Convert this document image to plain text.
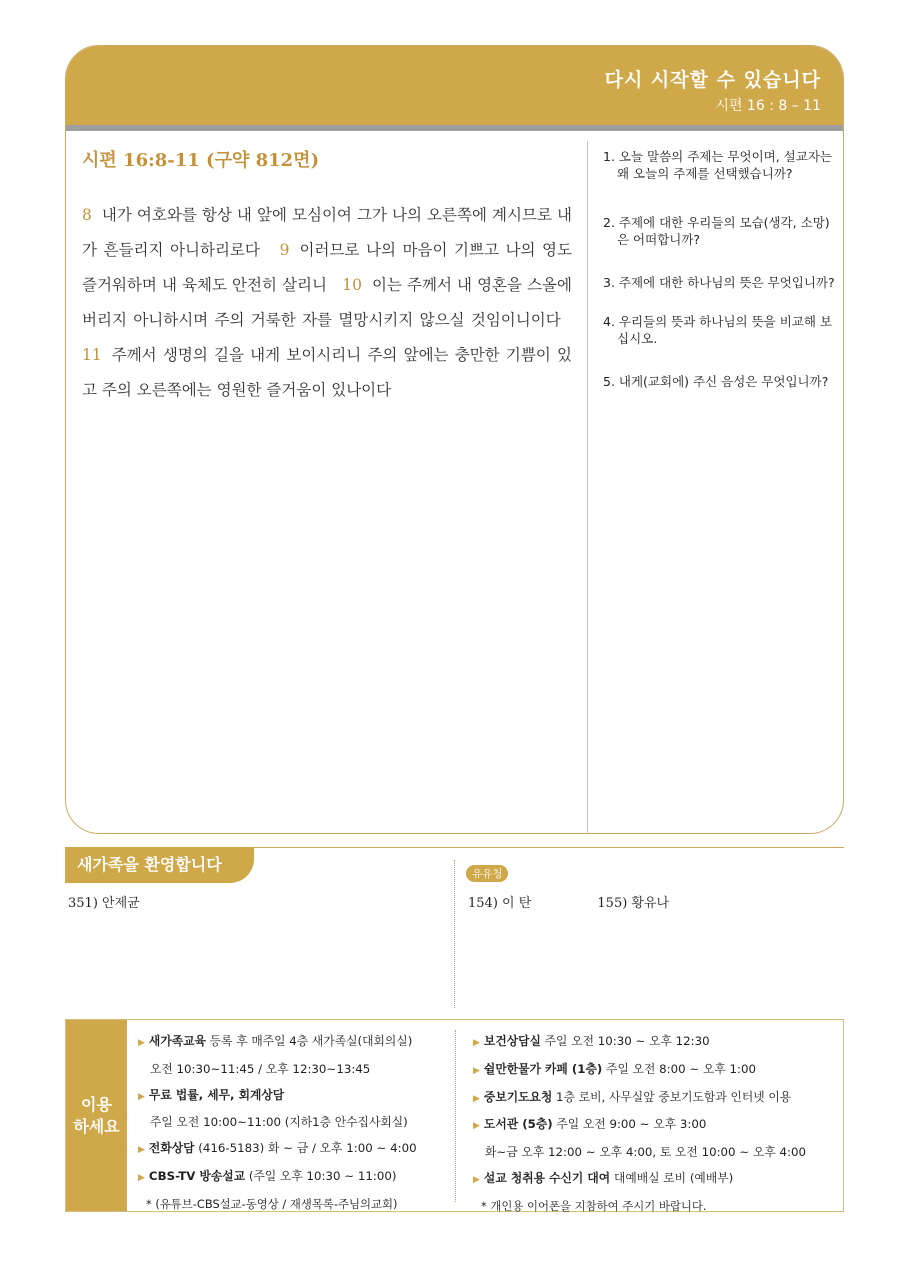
다시 시작할 수 있습니다
시편 16 : 8 – 11
시편 16:8-11 (구약 812면)
8 내가 여호와를 항상 내 앞에 모심이여 그가 나의 오른쪽에 계시므로 내가 흔들리지 아니하리로다 9 이러므로 나의 마음이 기쁘고 나의 영도 즐거워하며 내 육체도 안전히 살리니 10 이는 주께서 내 영혼을 스올에 버리지 아니하시며 주의 거룩한 자를 멸망시키지 않으실 것임이니이다   11 주께서 생명의 길을 내게 보이시리니 주의 앞에는 충만한 기쁨이 있고 주의 오른쪽에는 영원한 즐거움이 있나이다
1. 오늘 말씀의 주제는 무엇이며, 설교자는 왜 오늘의 주제를 선택했습니까?
2. 주제에 대한 우리들의 모습(생각, 소망)은 어떠합니까?
3. 주제에 대한 하나님의 뜻은 무엇입니까?
4. 우리들의 뜻과 하나님의 뜻을 비교해 보십시오.
5. 내게(교회에) 주신 음성은 무엇입니까?
새가족을 환영합니다
351) 안제균
유유청
154) 이 탄	155) 황유나
이용
하세요
▶ 새가족교육 등록 후 매주일 4층 새가족실(대회의실)
오전 10:30~11:45 / 오후 12:30~13:45
▶ 무료 법률, 세무, 회계상담
주일 오전 10:00~11:00 (지하1층 안수집사회실)
▶ 전화상담 (416-5183) 화 ~ 금 / 오후 1:00 ~ 4:00
▶ CBS-TV 방송설교 (주일 오후 10:30 ~ 11:00)
* (유튜브-CBS설교-동영상 / 재생목록-주님의교회)
▶ 보건상담실 주일 오전 10:30 ~ 오후 12:30
▶ 쉴만한물가 카페 (1층) 주일 오전 8:00 ~ 오후 1:00
▶ 중보기도요청 1층 로비, 사무실앞 중보기도함과 인터넷 이용
▶ 도서관 (5층) 주일 오전 9:00 ~ 오후 3:00
화~금 오후 12:00 ~ 오후 4:00, 토 오전 10:00 ~ 오후 4:00
▶ 설교 청취용 수신기 대여 대예배실 로비 (예배부)
* 개인용 이어폰을 지참하여 주시기 바랍니다.
